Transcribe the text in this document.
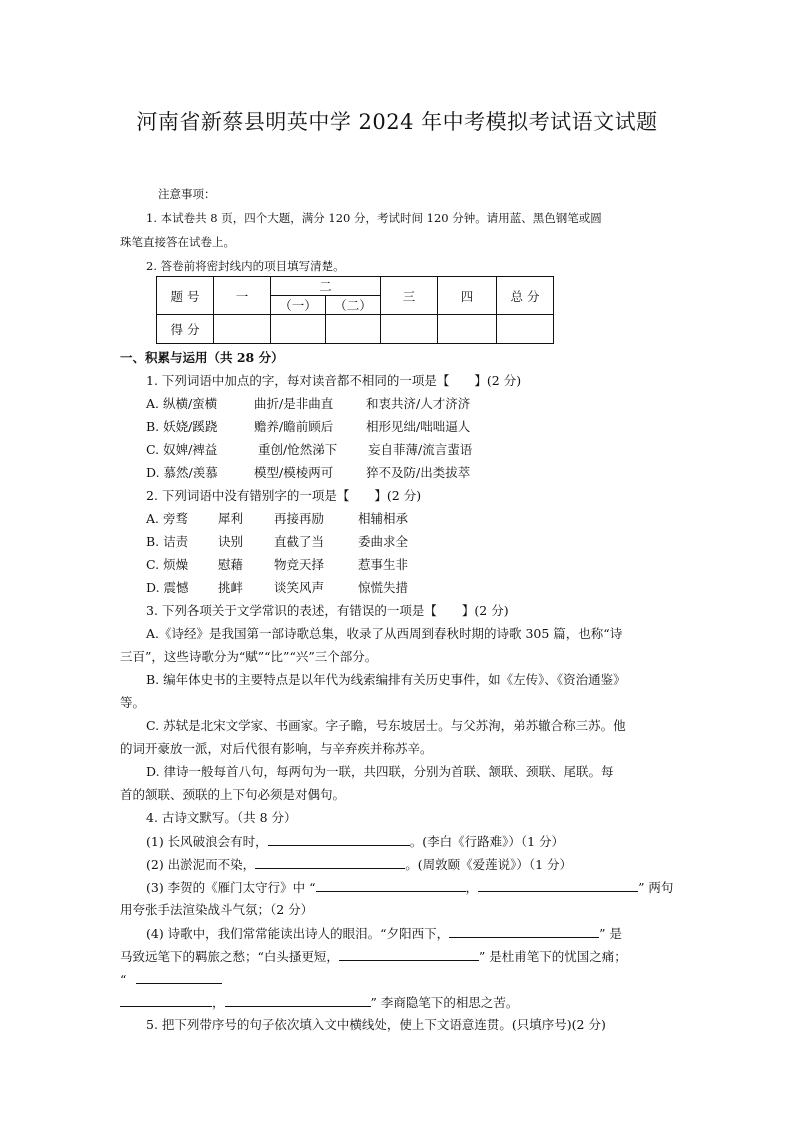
河南省新蔡县明英中学 2024 年中考模拟考试语文试题
注意事项：
1. 本试卷共 8 页，四个大题，满分 120 分，考试时间 120 分钟。请用蓝、黑色钢笔或圆
珠笔直接答在试卷上。
2. 答卷前将密封线内的项目填写清楚。
题 号	一	二		三	四	总 分
		（一）	（二）			
得 分						
一、积累与运用（共 28 分）
1. 下列词语中加点的字，每对读音都不相同的一项是【　　】(2 分)
A. 纵横/蛮横	曲折/是非曲直	和衷共济/人才济济
B. 妖娆/蹊跷	赡养/瞻前顾后	相形见绌/咄咄逼人
C. 奴婢/裨益	重创/怆然涕下 妄自菲薄/流言蜚语
D. 慕然/羡慕	模型/模棱两可	猝不及防/出类拔萃
2. 下列词语中没有错别字的一项是【　　】(2 分)
A. 旁骛 犀利 再接再励	相辅相承
B. 诘责 诀别 直截了当	委曲求全
C. 烦燥 慰藉 物竞天择	惹事生非
D. 震憾 挑衅 谈笑风声	惊慌失措
3. 下列各项关于文学常识的表述，有错误的一项是【　　】(2 分)
A.《诗经》是我国第一部诗歌总集，收录了从西周到春秋时期的诗歌 305 篇，也称“诗
三百”，这些诗歌分为“赋”“比”“兴”三个部分。
B. 编年体史书的主要特点是以年代为线索编排有关历史事件，如《左传》、《资治通鉴》
等。
C. 苏轼是北宋文学家、书画家。字子瞻，号东坡居士。与父苏洵，弟苏辙合称三苏。他
的词开豪放一派，对后代很有影响，与辛弃疾并称苏辛。
D. 律诗一般每首八句，每两句为一联，共四联，分别为首联、颔联、颈联、尾联。每
首的颔联、颈联的上下句必须是对偶句。
4. 古诗文默写。（共 8 分）
(1) 长风破浪会有时，	。(李白《行路难》）（1 分）
(2) 出淤泥而不染，	。(周敦颐《爱莲说》）（1 分）
(3) 李贺的《雁门太守行》中 “	，	” 两句
用夸张手法渲染战斗气氛；（2 分）
(4) 诗歌中，我们常常能读出诗人的眼泪。“夕阳西下，	” 是
马致远笔下的羁旅之愁；“白头搔更短，	” 是杜甫笔下的忧国之痛；
“
，	” 李商隐笔下的相思之苦。
5. 把下列带序号的句子依次填入文中横线处，使上下文语意连贯。(只填序号)(2 分)
